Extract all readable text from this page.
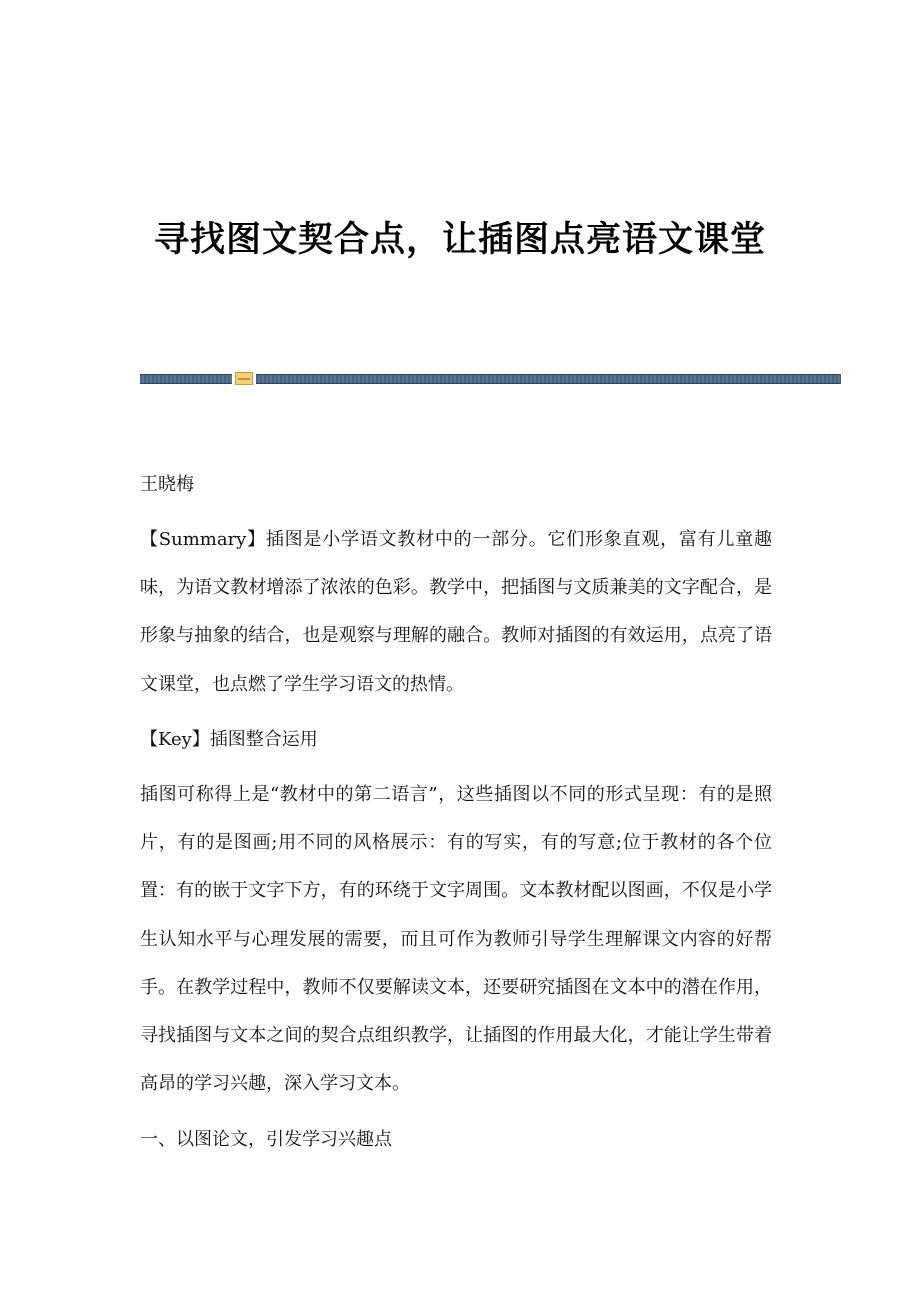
寻找图文契合点，让插图点亮语文课堂

王晓梅

【Summary】插图是小学语文教材中的一部分。它们形象直观，富有儿童趣味，为语文教材增添了浓浓的色彩。教学中，把插图与文质兼美的文字配合，是形象与抽象的结合，也是观察与理解的融合。教师对插图的有效运用，点亮了语文课堂，也点燃了学生学习语文的热情。

【Key】插图整合运用

插图可称得上是“教材中的第二语言”，这些插图以不同的形式呈现：有的是照片，有的是图画;用不同的风格展示：有的写实，有的写意;位于教材的各个位置：有的嵌于文字下方，有的环绕于文字周围。文本教材配以图画，不仅是小学生认知水平与心理发展的需要，而且可作为教师引导学生理解课文内容的好帮手。在教学过程中，教师不仅要解读文本，还要研究插图在文本中的潜在作用，寻找插图与文本之间的契合点组织教学，让插图的作用最大化，才能让学生带着高昂的学习兴趣，深入学习文本。

一、以图论文，引发学习兴趣点
